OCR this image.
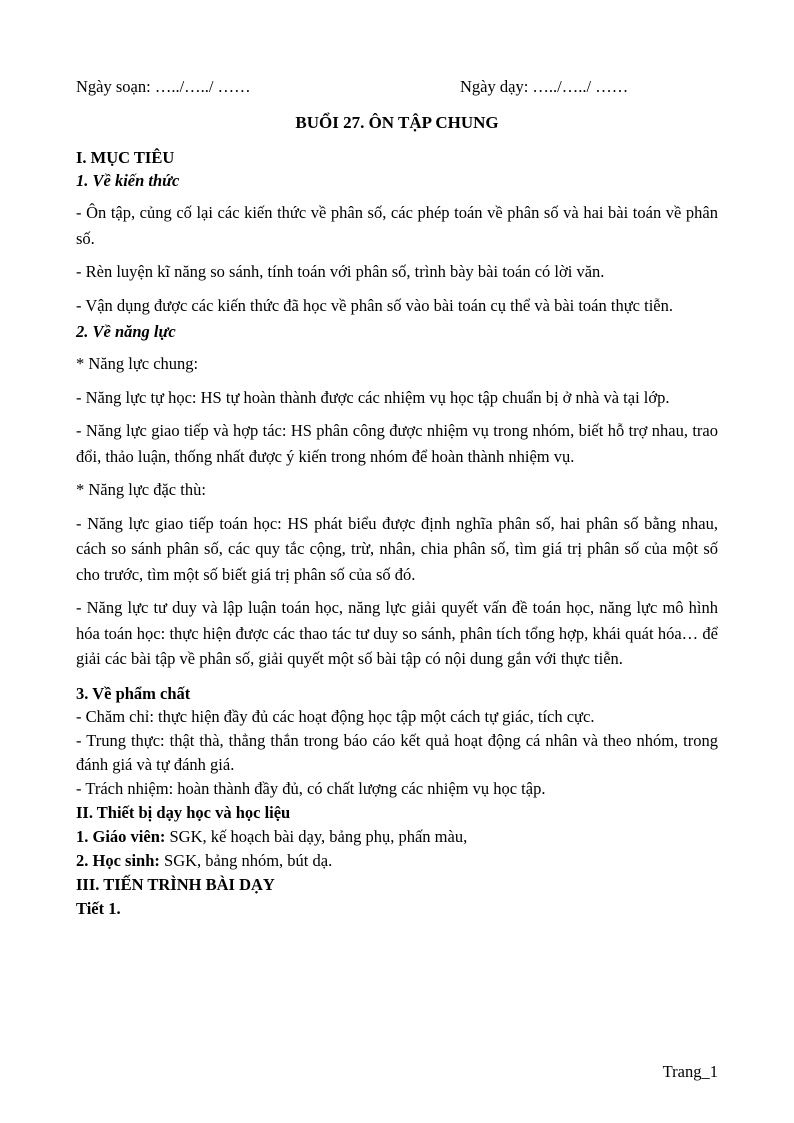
Ngày soạn: …../…../ ……	Ngày dạy: …../…../ ……
BUỔI 27. ÔN TẬP CHUNG

I. MỤC TIÊU

1. Về kiến thức

- Ôn tập, củng cố lại các kiến thức về phân số, các phép toán về phân số và hai bài toán về phân số.

- Rèn luyện kĩ năng so sánh, tính toán với phân số, trình bày bài toán có lời văn.

- Vận dụng được các kiến thức đã học về phân số vào bài toán cụ thể và bài toán thực tiễn.

2. Về năng lực

* Năng lực chung:

- Năng lực tự học: HS tự hoàn thành được các nhiệm vụ học tập chuẩn bị ở nhà và tại lớp.

- Năng lực giao tiếp và hợp tác: HS phân công được nhiệm vụ trong nhóm, biết hỗ trợ nhau, trao đổi, thảo luận, thống nhất được ý kiến trong nhóm để hoàn thành nhiệm vụ.

* Năng lực đặc thù:

- Năng lực giao tiếp toán học: HS phát biểu được định nghĩa phân số, hai phân số bằng nhau, cách so sánh phân số, các quy tắc cộng, trừ, nhân, chia phân số, tìm giá trị phân số của một số cho trước, tìm một số biết giá trị phân số của số đó.

- Năng lực tư duy và lập luận toán học, năng lực giải quyết vấn đề toán học, năng lực mô hình hóa toán học: thực hiện được các thao tác tư duy so sánh, phân tích tổng hợp, khái quát hóa… để giải các bài tập về phân số, giải quyết một số bài tập có nội dung gắn với thực tiễn.

3. Về phẩm chất

- Chăm chỉ: thực hiện đầy đủ các hoạt động học tập một cách tự giác, tích cực.

- Trung thực: thật thà, thẳng thắn trong báo cáo kết quả hoạt động cá nhân và theo nhóm, trong đánh giá và tự đánh giá.

- Trách nhiệm: hoàn thành đầy đủ, có chất lượng các nhiệm vụ học tập.

II. Thiết bị dạy học và học liệu

1. Giáo viên: SGK, kế hoạch bài dạy, bảng phụ, phấn màu,

2. Học sinh: SGK, bảng nhóm, bút dạ.

III. TIẾN TRÌNH BÀI DẠY

Tiết 1.

Trang_1
